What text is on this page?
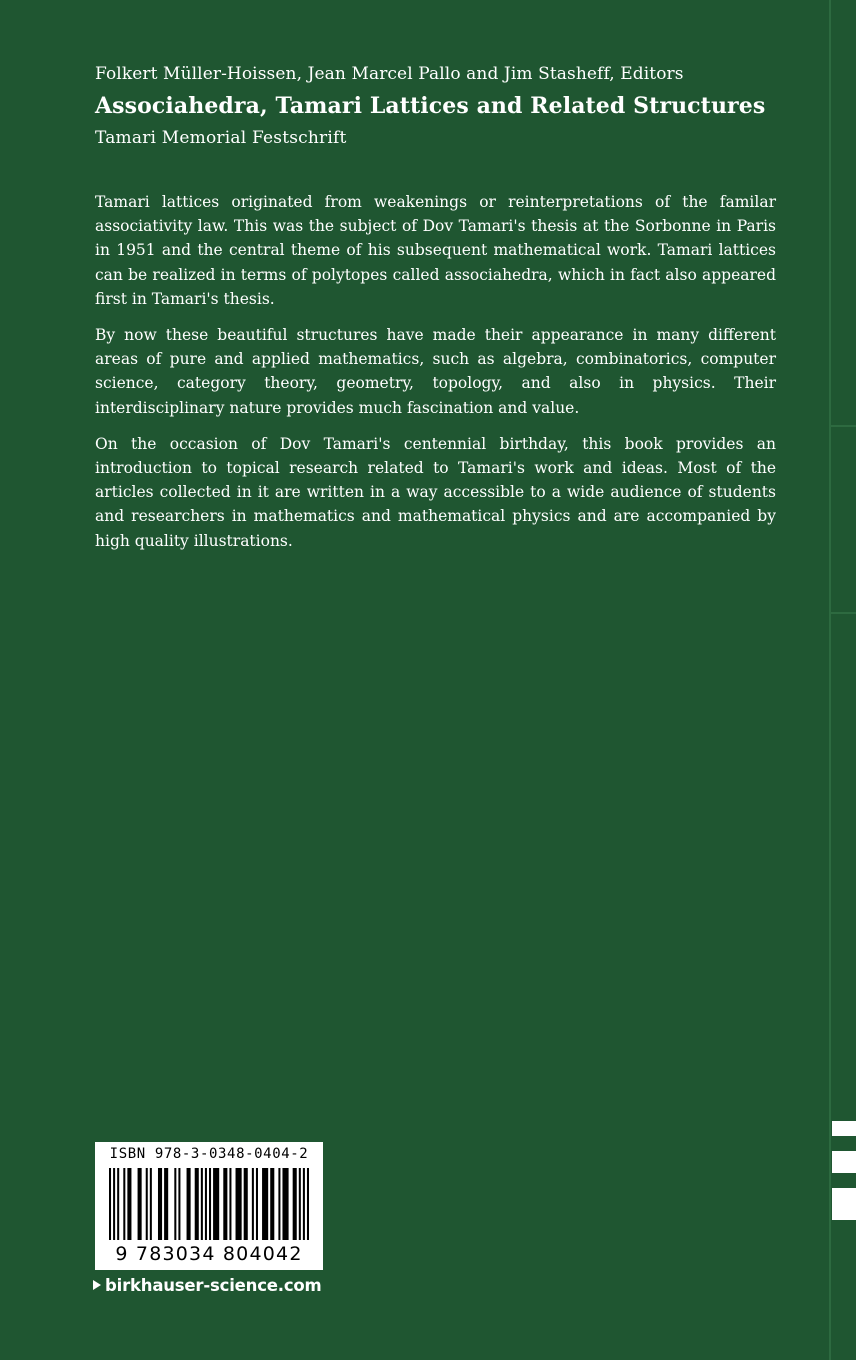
Folkert Müller-Hoissen, Jean Marcel Pallo and Jim Stasheff, Editors
Associahedra, Tamari Lattices and Related Structures
Tamari Memorial Festschrift

Tamari lattices originated from weakenings or reinterpretations of the familar associativity law. This was the subject of Dov Tamari's thesis at the Sorbonne in Paris in 1951 and the central theme of his subsequent mathematical work. Tamari lattices can be realized in terms of polytopes called associahedra, which in fact also appeared first in Tamari's thesis.

By now these beautiful structures have made their appearance in many different areas of pure and applied mathematics, such as algebra, combinatorics, computer science, category theory, geometry, topology, and also in physics. Their interdisciplinary nature provides much fascination and value.

On the occasion of Dov Tamari's centennial birthday, this book provides an introduction to topical research related to Tamari's work and ideas. Most of the articles collected in it are written in a way accessible to a wide audience of students and researchers in mathematics and mathematical physics and are accompanied by high quality illustrations.

ISBN 978-3-0348-0404-2
9 783034 804042
birkhauser-science.com
